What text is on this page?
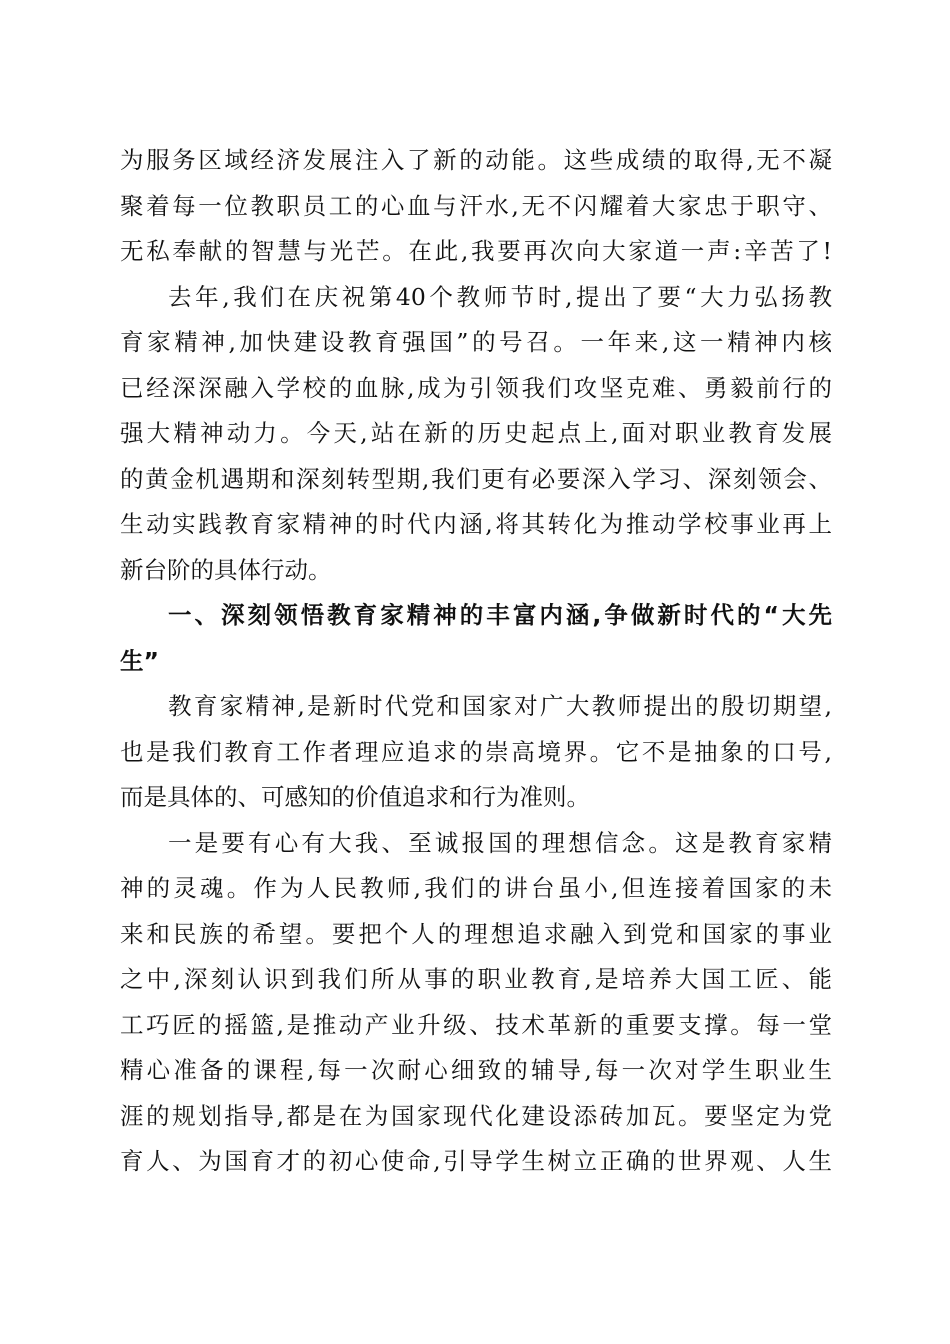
为服务区域经济发展注入了新的动能。这些成绩的取得,无不凝
聚着每一位教职员工的心血与汗水,无不闪耀着大家忠于职守、
无私奉献的智慧与光芒。在此,我要再次向大家道一声:辛苦了!
去年,我们在庆祝第40个教师节时,提出了要“大力弘扬教
育家精神,加快建设教育强国”的号召。一年来,这一精神内核
已经深深融入学校的血脉,成为引领我们攻坚克难、勇毅前行的
强大精神动力。今天,站在新的历史起点上,面对职业教育发展
的黄金机遇期和深刻转型期,我们更有必要深入学习、深刻领会、
生动实践教育家精神的时代内涵,将其转化为推动学校事业再上
新台阶的具体行动。
一、深刻领悟教育家精神的丰富内涵,争做新时代的“大先
生”
教育家精神,是新时代党和国家对广大教师提出的殷切期望,
也是我们教育工作者理应追求的崇高境界。它不是抽象的口号,
而是具体的、可感知的价值追求和行为准则。
一是要有心有大我、至诚报国的理想信念。这是教育家精
神的灵魂。作为人民教师,我们的讲台虽小,但连接着国家的未
来和民族的希望。要把个人的理想追求融入到党和国家的事业
之中,深刻认识到我们所从事的职业教育,是培养大国工匠、能
工巧匠的摇篮,是推动产业升级、技术革新的重要支撑。每一堂
精心准备的课程,每一次耐心细致的辅导,每一次对学生职业生
涯的规划指导,都是在为国家现代化建设添砖加瓦。要坚定为党
育人、为国育才的初心使命,引导学生树立正确的世界观、人生
